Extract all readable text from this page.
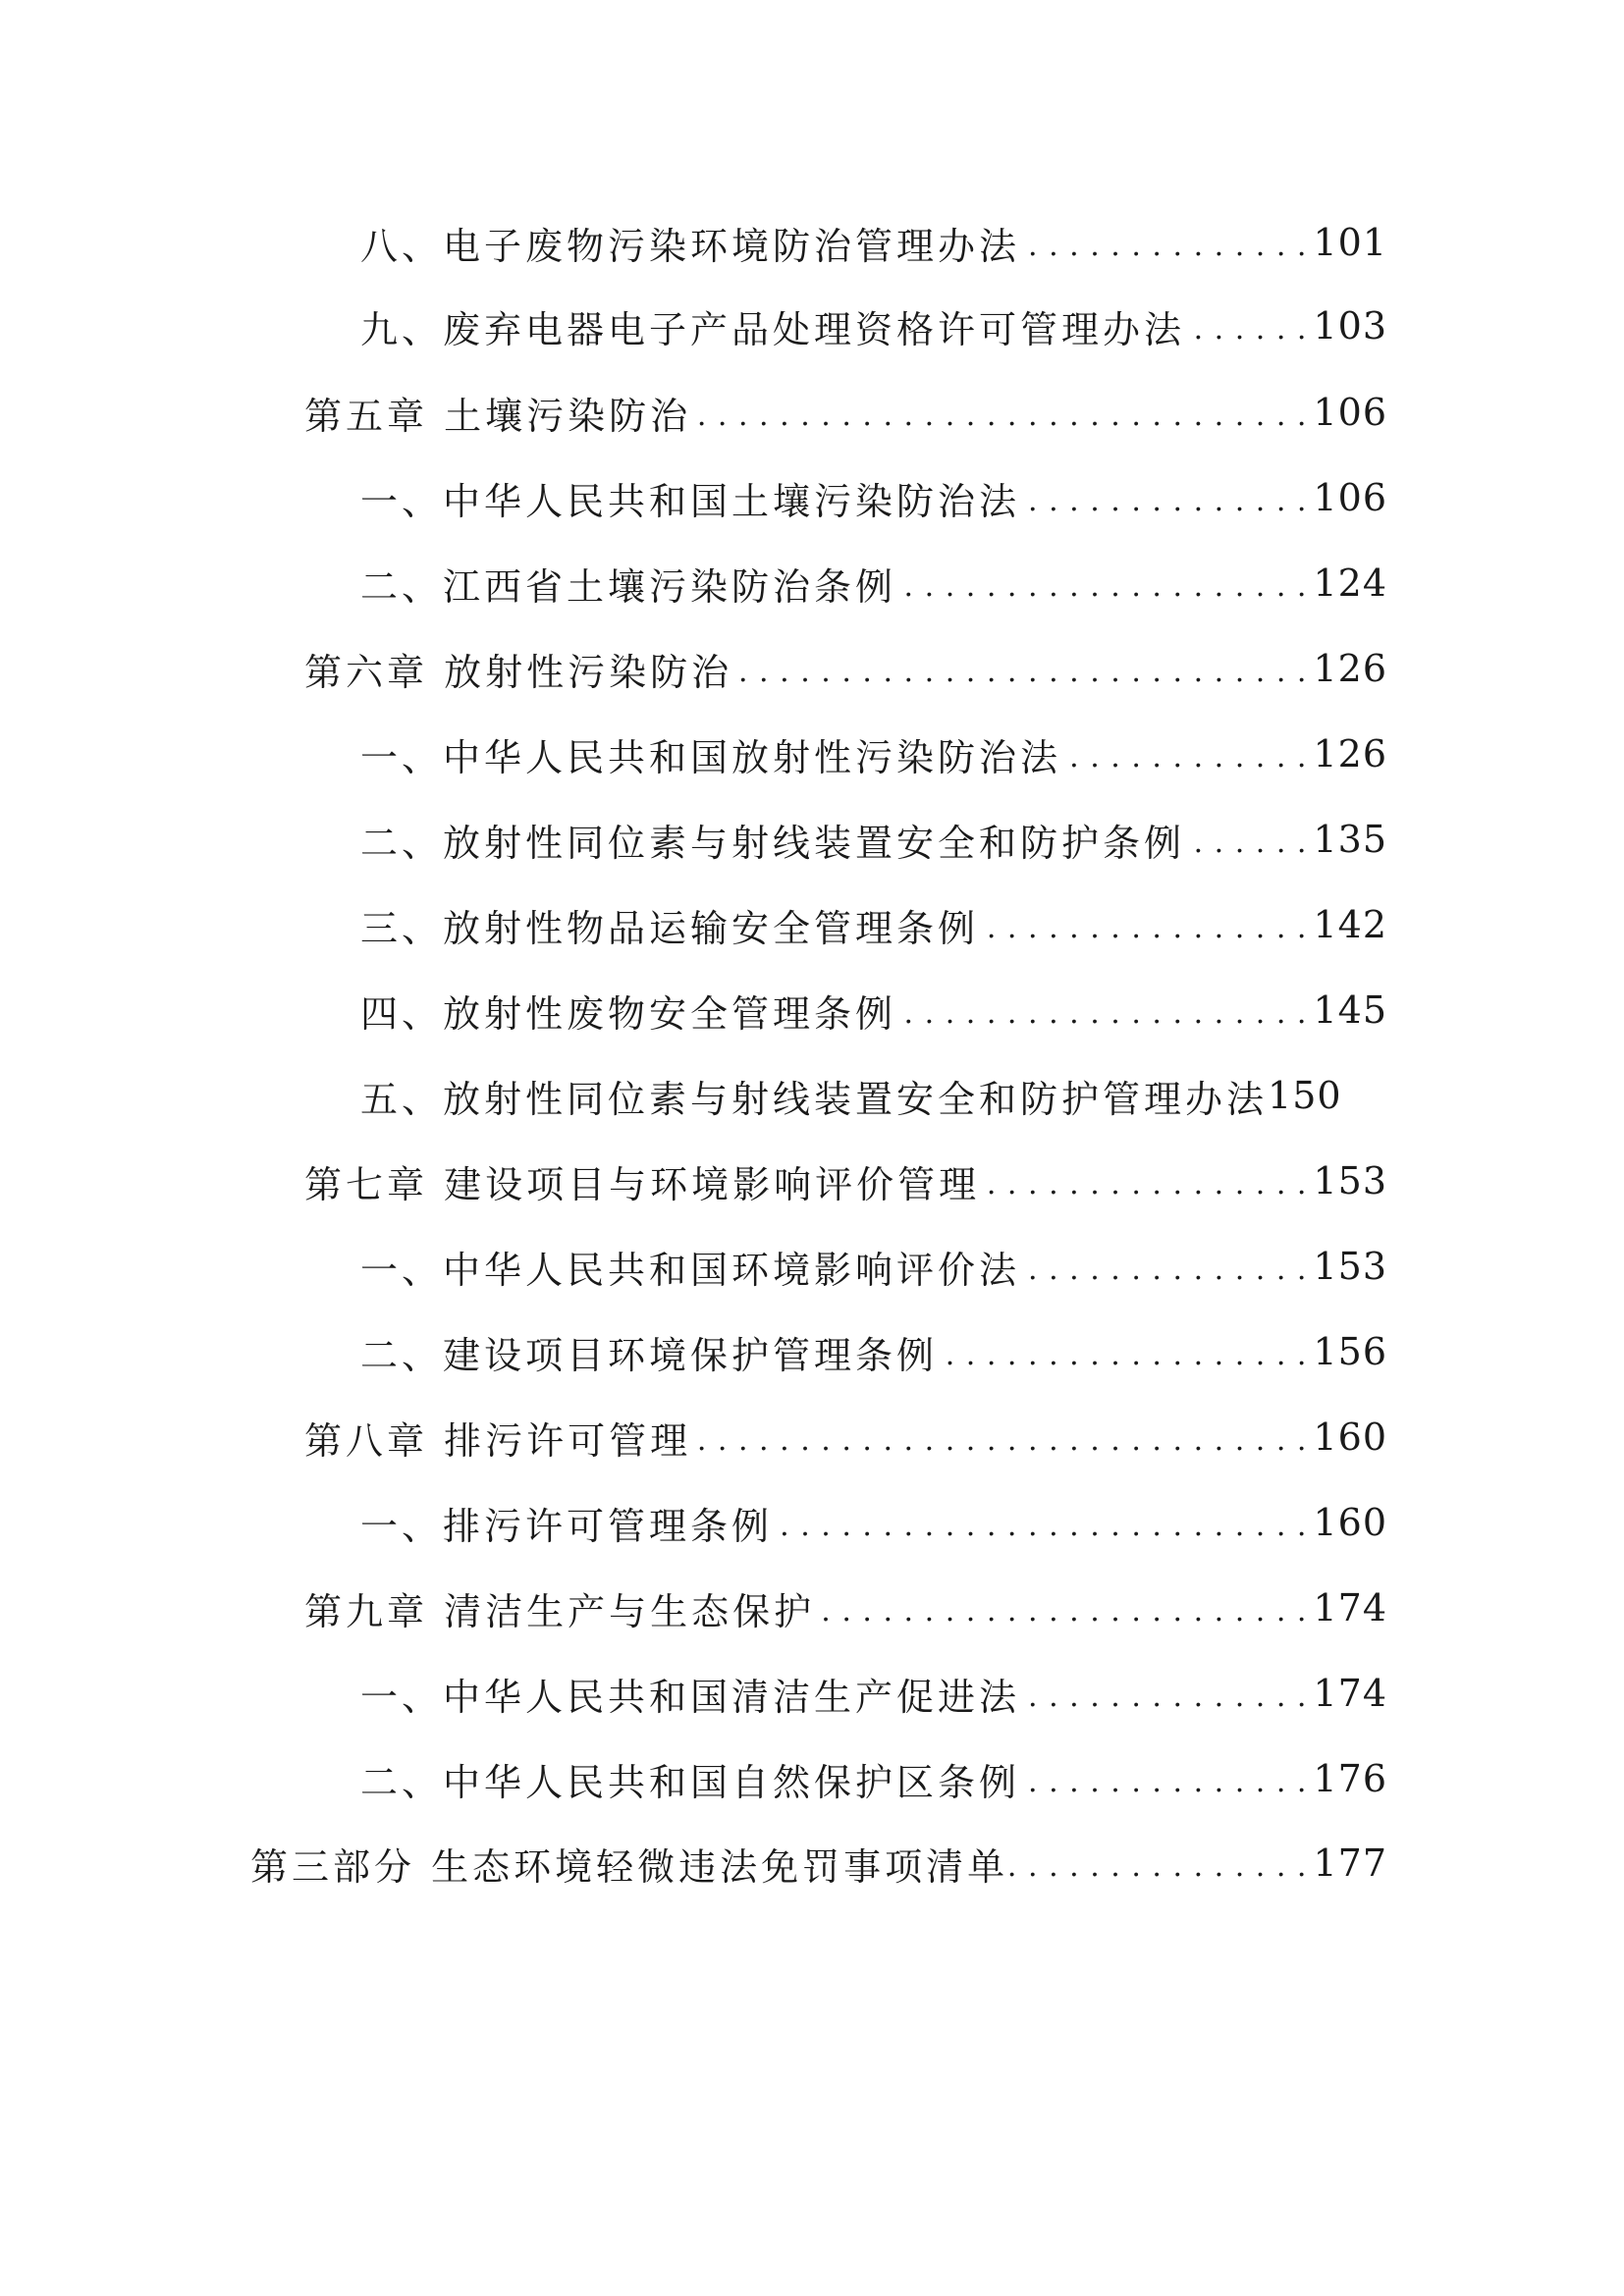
八、电子废物污染环境防治管理办法 . . .	101
九、废弃电器电子产品处理资格许可管理办法 . . .	103
第五章 土壤污染防治 . . .	106
一、中华人民共和国土壤污染防治法 . . .	106
二、江西省土壤污染防治条例 . . .	124
第六章 放射性污染防治 . . .	126
一、中华人民共和国放射性污染防治法 . . .	126
二、放射性同位素与射线装置安全和防护条例 . . .	135
三、放射性物品运输安全管理条例 . . .	142
四、放射性废物安全管理条例 . . .	145
五、放射性同位素与射线装置安全和防护管理办法 150
第七章 建设项目与环境影响评价管理 . . .	153
一、中华人民共和国环境影响评价法 . . .	153
二、建设项目环境保护管理条例 . . .	156
第八章 排污许可管理 . . .	160
一、排污许可管理条例 . . .	160
第九章 清洁生产与生态保护 . . .	174
一、中华人民共和国清洁生产促进法 . . .	174
二、中华人民共和国自然保护区条例 . . .	176
第三部分 生态环境轻微违法免罚事项清单 . . .	177
